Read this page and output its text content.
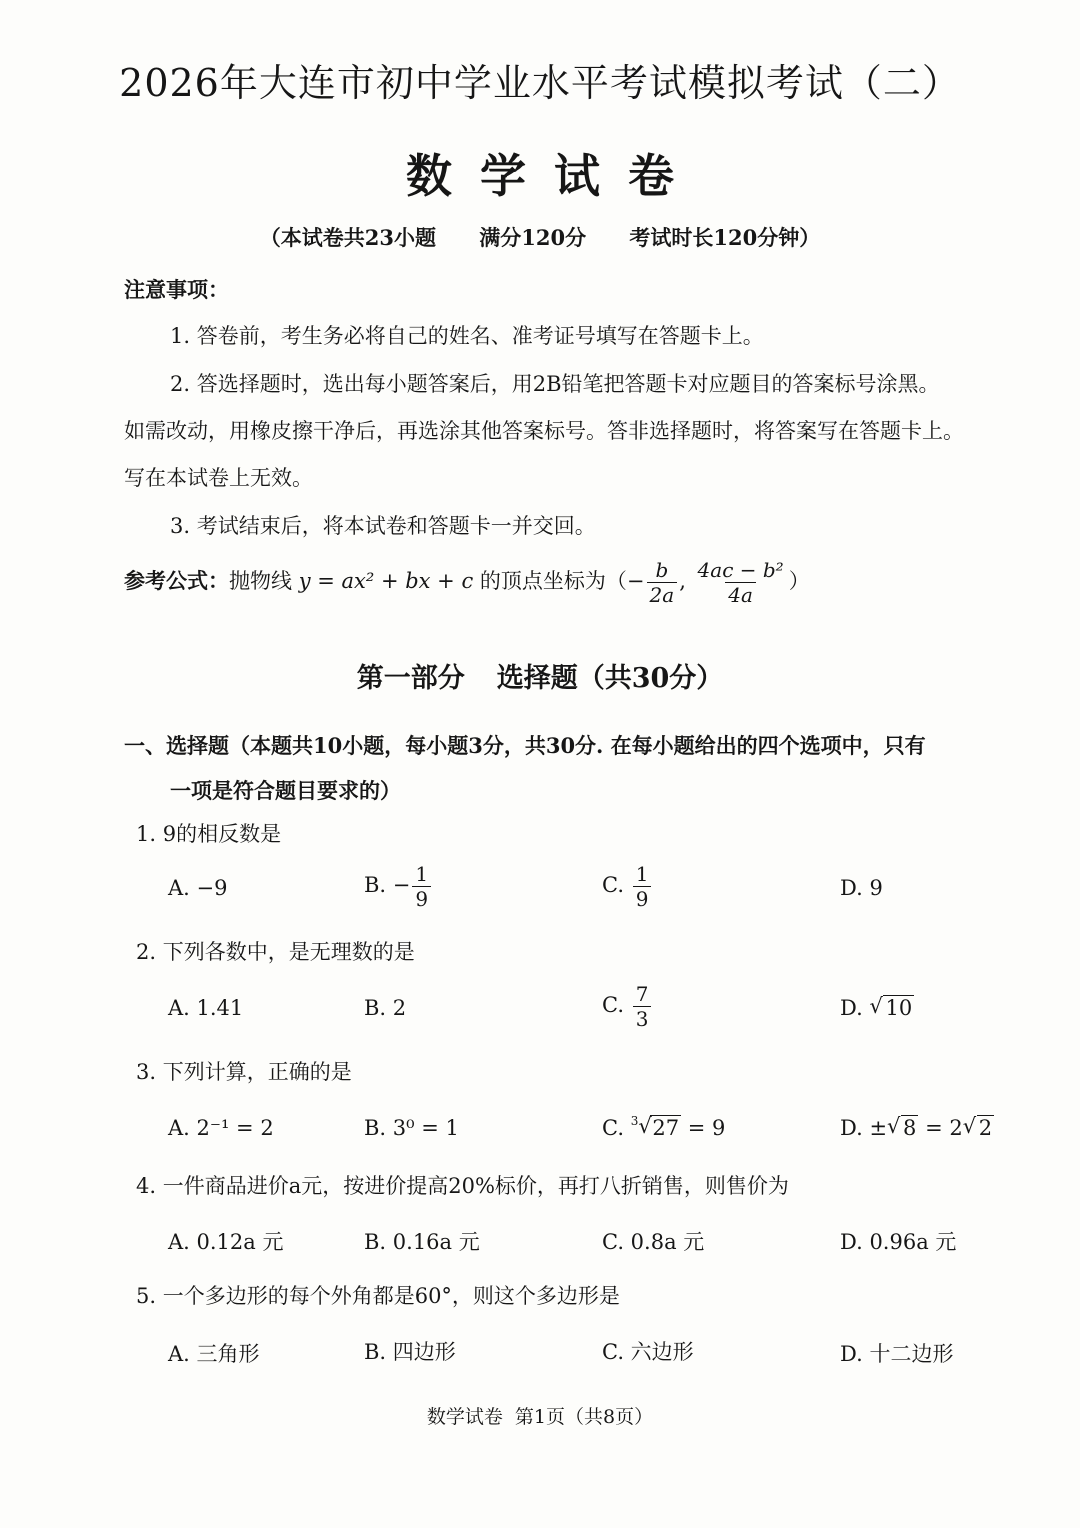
2026年大连市初中学业水平考试模拟考试（二）
数学试卷
（本试卷共23小题 满分120分 考试时长120分钟）
注意事项：
1. 答卷前，考生务必将自己的姓名、准考证号填写在答题卡上。
2. 答选择题时，选出每小题答案后，用2B铅笔把答题卡对应题目的答案标号涂黑。
如需改动，用橡皮擦干净后，再选涂其他答案标号。答非选择题时，将答案写在答题卡上。
写在本试卷上无效。
3. 考试结束后，将本试卷和答题卡一并交回。
参考公式：抛物线 y = ax² + bx + c 的顶点坐标为（− $\frac{b}{2a}$ , $\frac{\text{4ac − b²}}{4a}$ ）
第一部分 选择题（共30分）
一、选择题（本题共10小题，每小题3分，共30分. 在每小题给出的四个选项中，只有
一项是符合题目要求的）
1. 9的相反数是
A. −9	B. − $\frac{1}{9}$	C. $\frac{1}{9}$	D. 9
2. 下列各数中，是无理数的是
A. 1.41	B. 2	C. $\frac{7}{3}$	D. √ 10
3. 下列计算，正确的是
A. 2⁻¹ = 2	B. 3⁰ = 1	C. $^3$ √ 27 = 9	D. ± √ 8 = 2 √ 2
4. 一件商品进价a元，按进价提高20%标价，再打八折销售，则售价为
A. 0.12a 元	B. 0.16a 元	C. 0.8a 元	D. 0.96a 元
5. 一个多边形的每个外角都是60°，则这个多边形是
A. 三角形	B. 四边形	C. 六边形	D. 十二边形
数学试卷 第1页（共8页）
